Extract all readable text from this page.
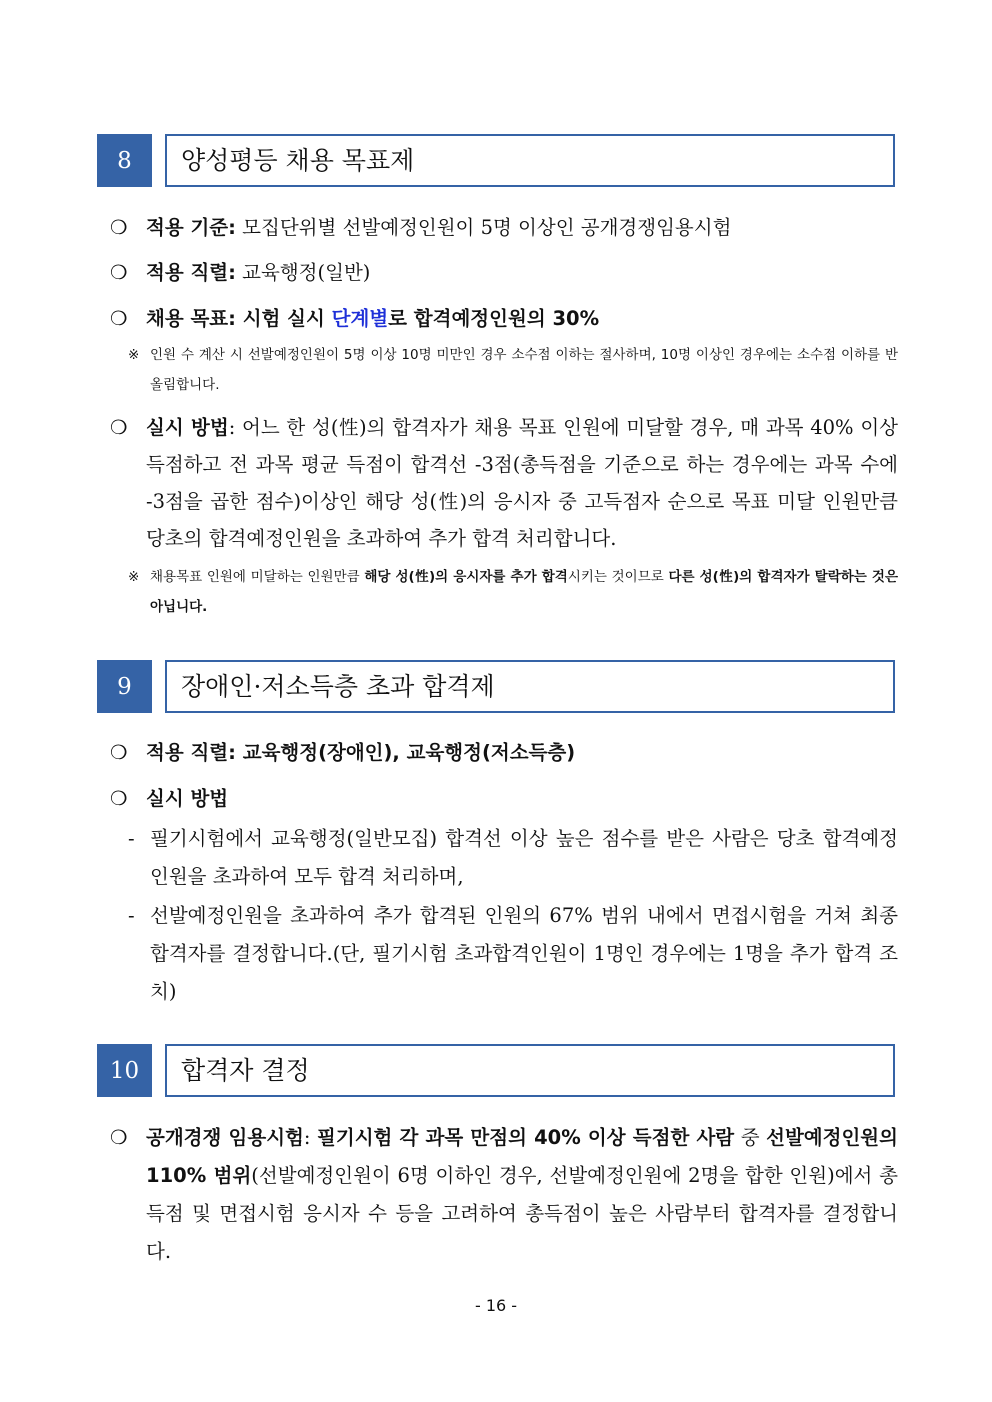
8	양성평등 채용 목표제
❍ 적용 기준: 모집단위별 선발예정인원이 5명 이상인 공개경쟁임용시험
❍ 적용 직렬: 교육행정(일반)
❍ 채용 목표: 시험 실시 단계별로 합격예정인원의 30%
※ 인원 수 계산 시 선발예정인원이 5명 이상 10명 미만인 경우 소수점 이하는 절사하며, 10명 이상인 경우에는 소수점 이하를 반올림합니다.
❍ 실시 방법: 어느 한 성(性)의 합격자가 채용 목표 인원에 미달할 경우, 매 과목 40% 이상 득점하고 전 과목 평균 득점이 합격선 -3점(총득점을 기준으로 하는 경우에는 과목 수에 -3점을 곱한 점수)이상인 해당 성(性)의 응시자 중 고득점자 순으로 목표 미달 인원만큼 당초의 합격예정인원을 초과하여 추가 합격 처리합니다.
※ 채용목표 인원에 미달하는 인원만큼 해당 성(性)의 응시자를 추가 합격시키는 것이므로 다른 성(性)의 합격자가 탈락하는 것은 아닙니다.
9	장애인·저소득층 초과 합격제
❍ 적용 직렬: 교육행정(장애인), 교육행정(저소득층)
❍ 실시 방법
- 필기시험에서 교육행정(일반모집) 합격선 이상 높은 점수를 받은 사람은 당초 합격예정인원을 초과하여 모두 합격 처리하며,
- 선발예정인원을 초과하여 추가 합격된 인원의 67% 범위 내에서 면접시험을 거쳐 최종 합격자를 결정합니다.(단, 필기시험 초과합격인원이 1명인 경우에는 1명을 추가 합격 조치)
10	합격자 결정
❍ 공개경쟁 임용시험: 필기시험 각 과목 만점의 40% 이상 득점한 사람 중 선발예정인원의 110% 범위(선발예정인원이 6명 이하인 경우, 선발예정인원에 2명을 합한 인원)에서 총득점 및 면접시험 응시자 수 등을 고려하여 총득점이 높은 사람부터 합격자를 결정합니다.
- 16 -
